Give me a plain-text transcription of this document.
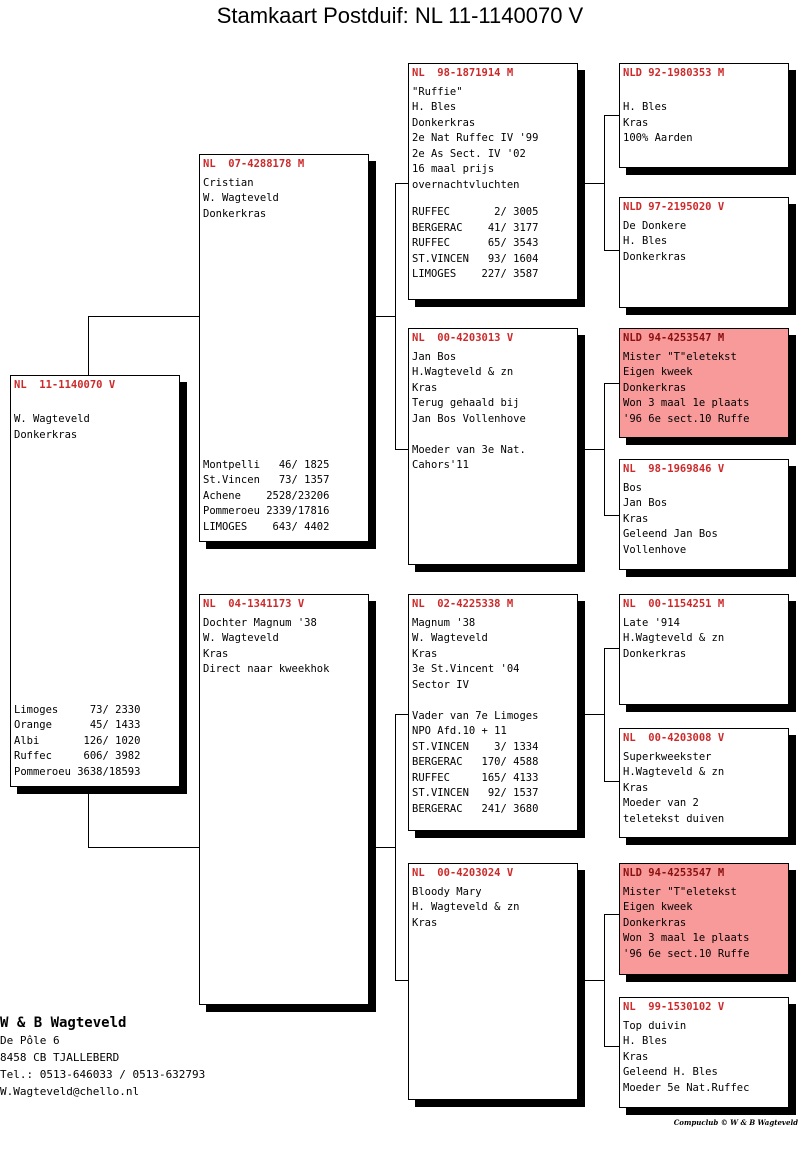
Stamkaart Postduif: NL 11-1140070 V
NL  11-1140070 V

W. Wagteveld
Donkerkras
Limoges     73/ 2330
Orange      45/ 1433
Albi       126/ 1020
Ruffec     606/ 3982
Pommeroeu 3638/18593
NL  07-4288178 M
Cristian
W. Wagteveld
Donkerkras
Montpelli   46/ 1825
St.Vincen   73/ 1357
Achene    2528/23206
Pommeroeu 2339/17816
LIMOGES    643/ 4402
NL  04-1341173 V
Dochter Magnum '38
W. Wagteveld
Kras
Direct naar kweekhok
NL  98-1871914 M
"Ruffie"
H. Bles
Donkerkras
2e Nat Ruffec IV '99
2e As Sect. IV '02
16 maal prijs
overnachtvluchten
RUFFEC       2/ 3005
BERGERAC    41/ 3177
RUFFEC      65/ 3543
ST.VINCEN   93/ 1604
LIMOGES    227/ 3587
NL  00-4203013 V
Jan Bos
H.Wagteveld & zn
Kras
Terug gehaald bij
Jan Bos Vollenhove

Moeder van 3e Nat.
Cahors'11
NL  02-4225338 M
Magnum '38
W. Wagteveld
Kras
3e St.Vincent '04
Sector IV

Vader van 7e Limoges
NPO Afd.10 + 11
ST.VINCEN    3/ 1334
BERGERAC   170/ 4588
RUFFEC     165/ 4133
ST.VINCEN   92/ 1537
BERGERAC   241/ 3680
NL  00-4203024 V
Bloody Mary
H. Wagteveld & zn
Kras
NLD 92-1980353 M

H. Bles
Kras
100% Aarden
NLD 97-2195020 V
De Donkere
H. Bles
Donkerkras
NLD 94-4253547 M
Mister "T"eletekst
Eigen kweek
Donkerkras
Won 3 maal 1e plaats
'96 6e sect.10 Ruffe
NL  98-1969846 V
Bos
Jan Bos
Kras
Geleend Jan Bos
Vollenhove
NL  00-1154251 M
Late '914
H.Wagteveld & zn
Donkerkras
NL  00-4203008 V
Superkweekster
H.Wagteveld & zn
Kras
Moeder van 2
teletekst duiven
NLD 94-4253547 M
Mister "T"eletekst
Eigen kweek
Donkerkras
Won 3 maal 1e plaats
'96 6e sect.10 Ruffe
NL  99-1530102 V
Top duivin
H. Bles
Kras
Geleend H. Bles
Moeder 5e Nat.Ruffec
W & B Wagteveld
De Pôle 6
8458 CB TJALLEBERD
Tel.: 0513-646033 / 0513-632793
W.Wagteveld@chello.nl
Compuclub © W & B Wagteveld
